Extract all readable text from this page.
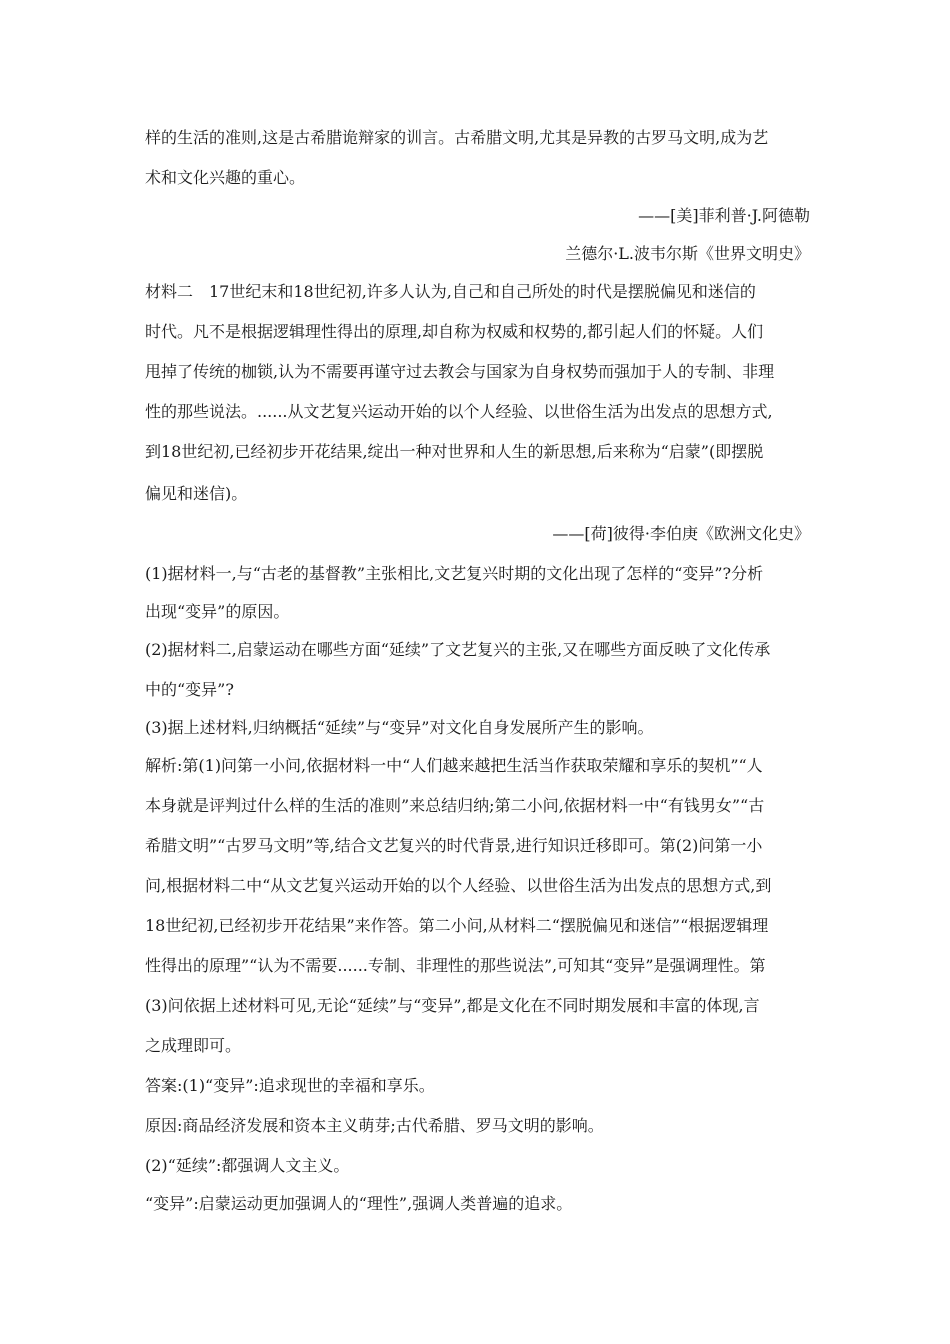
样的生活的准则,这是古希腊诡辩家的训言。古希腊文明,尤其是异教的古罗马文明,成为艺
术和文化兴趣的重心。
——[美]菲利普·J.阿德勒
兰德尔·L.波韦尔斯《世界文明史》
材料二　17世纪末和18世纪初,许多人认为,自己和自己所处的时代是摆脱偏见和迷信的
时代。凡不是根据逻辑理性得出的原理,却自称为权威和权势的,都引起人们的怀疑。人们
甩掉了传统的枷锁,认为不需要再谨守过去教会与国家为自身权势而强加于人的专制、非理
性的那些说法。......从文艺复兴运动开始的以个人经验、以世俗生活为出发点的思想方式,
到18世纪初,已经初步开花结果,绽出一种对世界和人生的新思想,后来称为“启蒙”(即摆脱
偏见和迷信)。
——[荷]彼得·李伯庚《欧洲文化史》
(1)据材料一,与“古老的基督教”主张相比,文艺复兴时期的文化出现了怎样的“变异”?分析
出现“变异”的原因。
(2)据材料二,启蒙运动在哪些方面“延续”了文艺复兴的主张,又在哪些方面反映了文化传承
中的“变异”?
(3)据上述材料,归纳概括“延续”与“变异”对文化自身发展所产生的影响。
解析:第(1)问第一小问,依据材料一中“人们越来越把生活当作获取荣耀和享乐的契机”“人
本身就是评判过什么样的生活的准则”来总结归纳;第二小问,依据材料一中“有钱男女”“古
希腊文明”“古罗马文明”等,结合文艺复兴的时代背景,进行知识迁移即可。第(2)问第一小
问,根据材料二中“从文艺复兴运动开始的以个人经验、以世俗生活为出发点的思想方式,到
18世纪初,已经初步开花结果”来作答。第二小问,从材料二“摆脱偏见和迷信”“根据逻辑理
性得出的原理”“认为不需要......专制、非理性的那些说法”,可知其“变异”是强调理性。第
(3)问依据上述材料可见,无论“延续”与“变异”,都是文化在不同时期发展和丰富的体现,言
之成理即可。
答案:(1)“变异”:追求现世的幸福和享乐。
原因:商品经济发展和资本主义萌芽;古代希腊、罗马文明的影响。
(2)“延续”:都强调人文主义。
“变异”:启蒙运动更加强调人的“理性”,强调人类普遍的追求。
